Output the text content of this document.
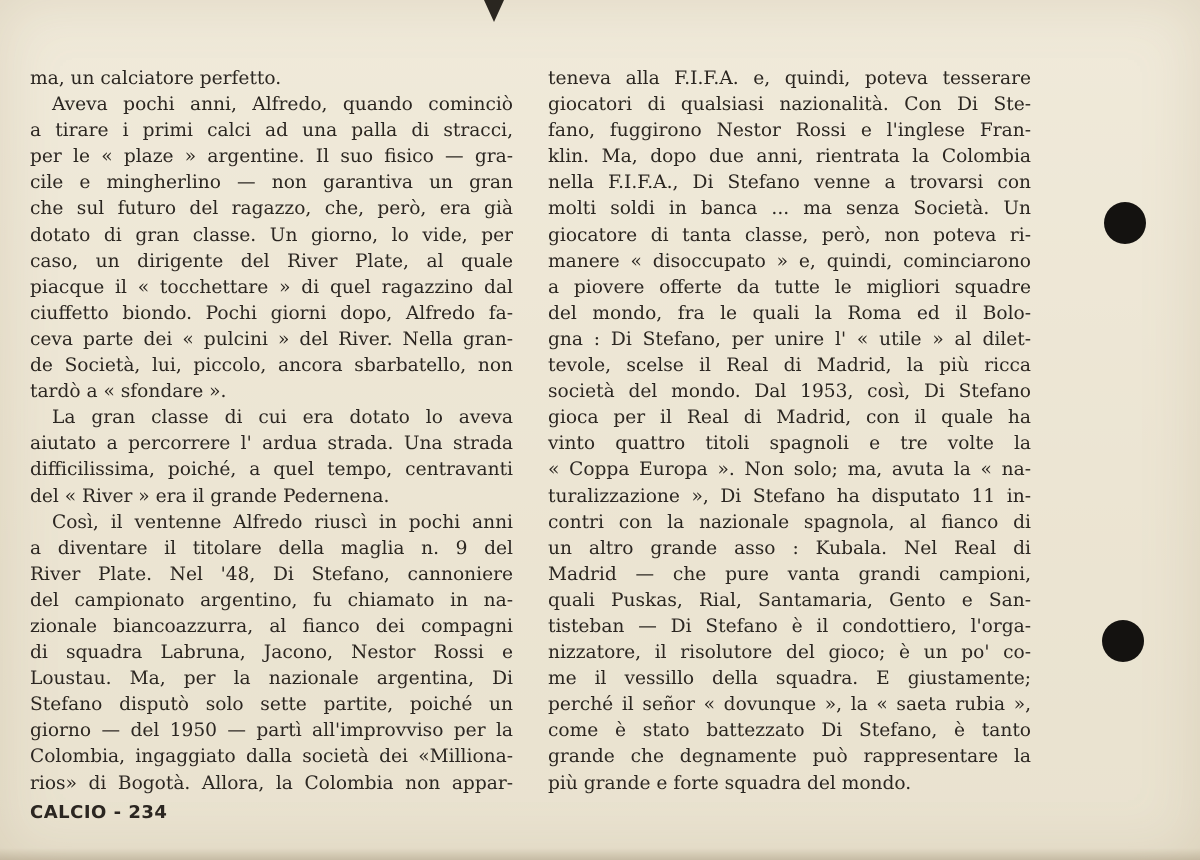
ma, un calciatore perfetto.
Aveva pochi anni, Alfredo, quando cominciò
a tirare i primi calci ad una palla di stracci,
per le « plaze » argentine. Il suo fisico — gra-
cile e mingherlino — non garantiva un gran
che sul futuro del ragazzo, che, però, era già
dotato di gran classe. Un giorno, lo vide, per
caso, un dirigente del River Plate, al quale
piacque il « tocchettare » di quel ragazzino dal
ciuffetto biondo. Pochi giorni dopo, Alfredo fa-
ceva parte dei « pulcini » del River. Nella gran-
de Società, lui, piccolo, ancora sbarbatello, non
tardò a « sfondare ».
La gran classe di cui era dotato lo aveva
aiutato a percorrere l' ardua strada. Una strada
difficilissima, poiché, a quel tempo, centravanti
del « River » era il grande Pedernena.
Così, il ventenne Alfredo riuscì in pochi anni
a diventare il titolare della maglia n. 9 del
River Plate. Nel '48, Di Stefano, cannoniere
del campionato argentino, fu chiamato in na-
zionale biancoazzurra, al fianco dei compagni
di squadra Labruna, Jacono, Nestor Rossi e
Loustau. Ma, per la nazionale argentina, Di
Stefano disputò solo sette partite, poiché un
giorno — del 1950 — partì all'improvviso per la
Colombia, ingaggiato dalla società dei «Milliona-
rios» di Bogotà. Allora, la Colombia non appar-
teneva alla F.I.F.A. e, quindi, poteva tesserare
giocatori di qualsiasi nazionalità. Con Di Ste-
fano, fuggirono Nestor Rossi e l'inglese Fran-
klin. Ma, dopo due anni, rientrata la Colombia
nella F.I.F.A., Di Stefano venne a trovarsi con
molti soldi in banca ... ma senza Società. Un
giocatore di tanta classe, però, non poteva ri-
manere « disoccupato » e, quindi, cominciarono
a piovere offerte da tutte le migliori squadre
del mondo, fra le quali la Roma ed il Bolo-
gna : Di Stefano, per unire l' « utile » al dilet-
tevole, scelse il Real di Madrid, la più ricca
società del mondo. Dal 1953, così, Di Stefano
gioca per il Real di Madrid, con il quale ha
vinto quattro titoli spagnoli e tre volte la
« Coppa Europa ». Non solo; ma, avuta la « na-
turalizzazione », Di Stefano ha disputato 11 in-
contri con la nazionale spagnola, al fianco di
un altro grande asso : Kubala. Nel Real di
Madrid — che pure vanta grandi campioni,
quali Puskas, Rial, Santamaria, Gento e San-
tisteban — Di Stefano è il condottiero, l'orga-
nizzatore, il risolutore del gioco; è un po' co-
me il vessillo della squadra. E giustamente;
perché il señor « dovunque », la « saeta rubia »,
come è stato battezzato Di Stefano, è tanto
grande che degnamente può rappresentare la
più grande e forte squadra del mondo.
CALCIO - 234
